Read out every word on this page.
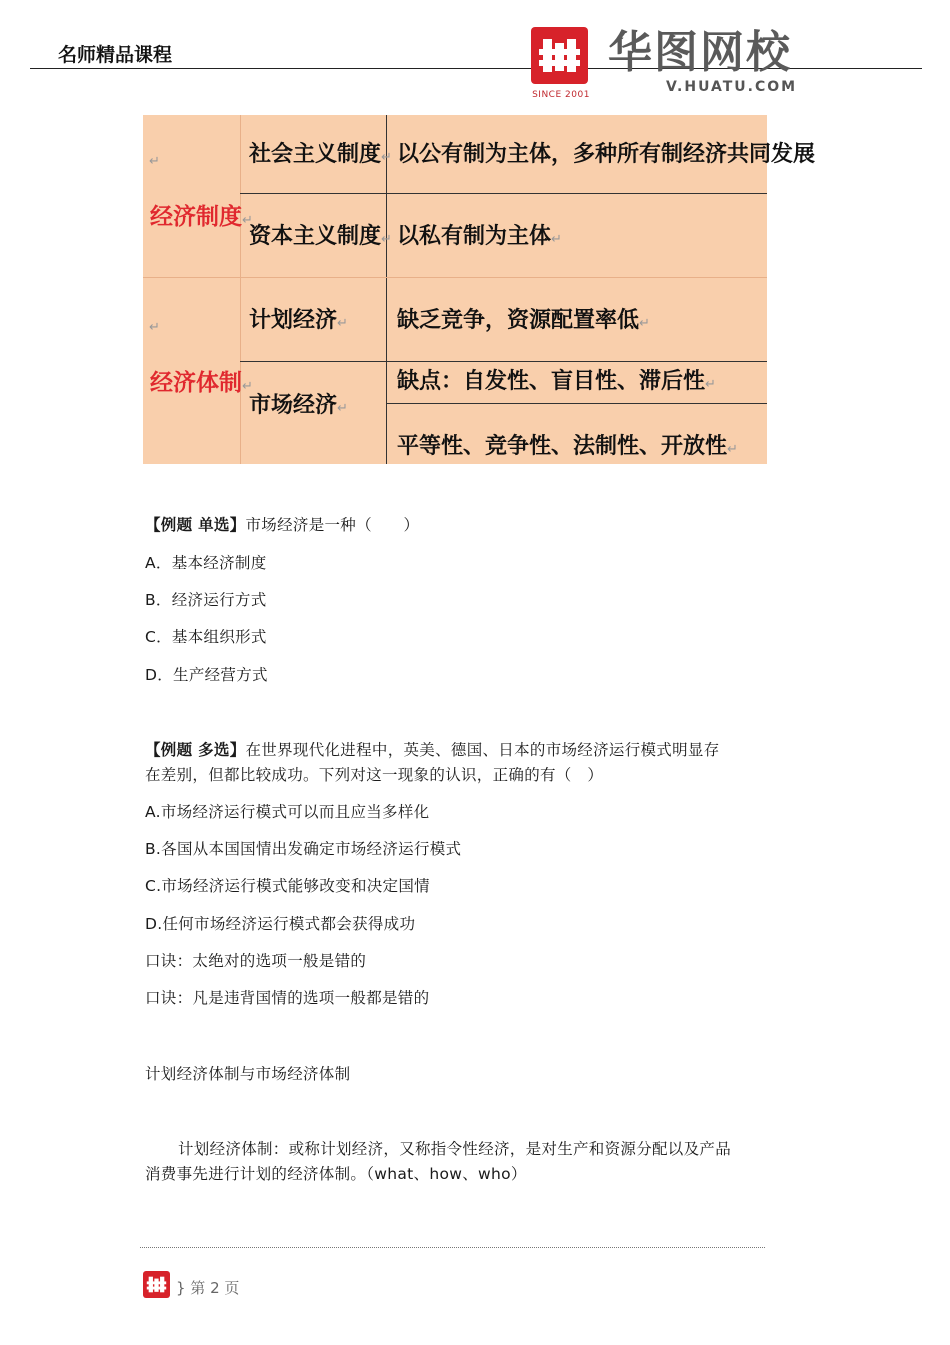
名师精品课程
SINCE 2001
华图网校
V.HUATU.COM
↵
经济制度↵
社会主义制度↵ 以公有制为主体，多种所有制经济共同发展
资本主义制度↵ 以私有制为主体↵
↵
经济体制↵
计划经济↵ 缺乏竞争，资源配置率低↵
市场经济↵
缺点：自发性、盲目性、滞后性↵
平等性、竞争性、法制性、开放性↵
【例题 单选】市场经济是一种（　　）
A．基本经济制度
B．经济运行方式
C．基本组织形式
D．生产经营方式
【例题 多选】在世界现代化进程中，英美、德国、日本的市场经济运行模式明显存
在差别，但都比较成功。下列对这一现象的认识，正确的有（　）
A.市场经济运行模式可以而且应当多样化
B.各国从本国国情出发确定市场经济运行模式
C.市场经济运行模式能够改变和决定国情
D.任何市场经济运行模式都会获得成功
口诀：太绝对的选项一般是错的
口诀：凡是违背国情的选项一般都是错的
计划经济体制与市场经济体制
计划经济体制：或称计划经济，又称指令性经济，是对生产和资源分配以及产品
消费事先进行计划的经济体制。（what、how、who）
} 第 2 页
